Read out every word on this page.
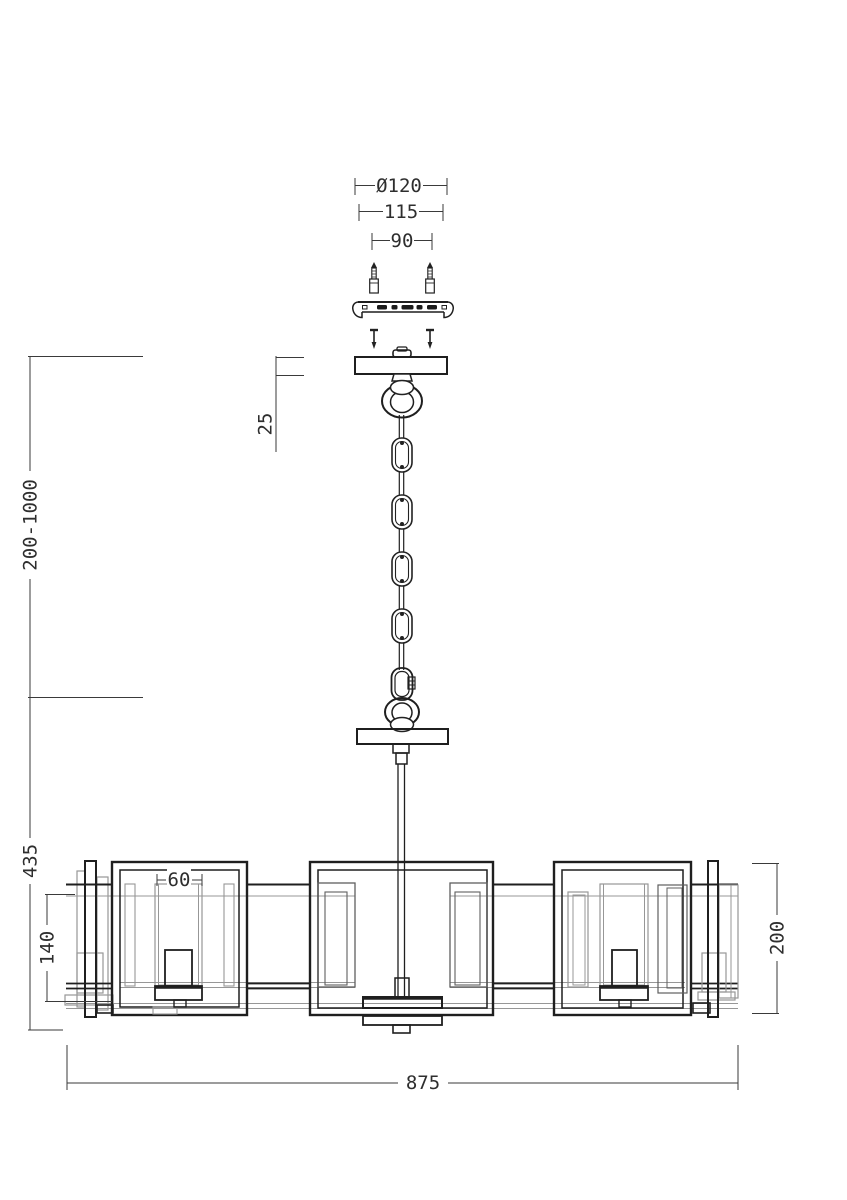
Ø120
115
90
25
200-1000
435
140
60
200
875
